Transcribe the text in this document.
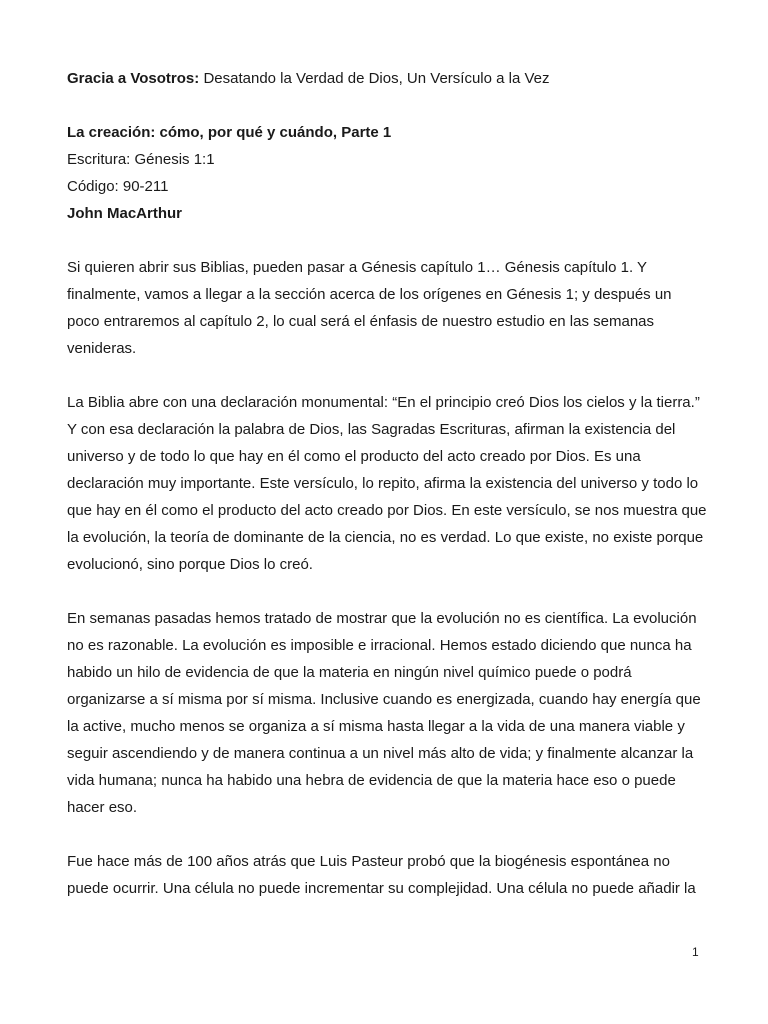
Gracia a Vosotros: Desatando la Verdad de Dios, Un Versículo a la Vez

La creación: cómo, por qué y cuándo, Parte 1

Escritura: Génesis 1:1

Código: 90-211

John MacArthur

Si quieren abrir sus Biblias, pueden pasar a Génesis capítulo 1… Génesis capítulo 1. Y finalmente, vamos a llegar a la sección acerca de los orígenes en Génesis 1; y después un poco entraremos al capítulo 2, lo cual será el énfasis de nuestro estudio en las semanas venideras.

La Biblia abre con una declaración monumental: “En el principio creó Dios los cielos y la tierra.” Y con esa declaración la palabra de Dios, las Sagradas Escrituras, afirman la existencia del universo y de todo lo que hay en él como el producto del acto creado por Dios. Es una declaración muy importante. Este versículo, lo repito, afirma la existencia del universo y todo lo que hay en él como el producto del acto creado por Dios. En este versículo, se nos muestra que la evolución, la teoría de dominante de la ciencia, no es verdad. Lo que existe, no existe porque evolucionó, sino porque Dios lo creó.

En semanas pasadas hemos tratado de mostrar que la evolución no es científica. La evolución no es razonable. La evolución es imposible e irracional. Hemos estado diciendo que nunca ha habido un hilo de evidencia de que la materia en ningún nivel químico puede o podrá organizarse a sí misma por sí misma. Inclusive cuando es energizada, cuando hay energía que la active, mucho menos se organiza a sí misma hasta llegar a la vida de una manera viable y seguir ascendiendo y de manera continua a un nivel más alto de vida; y finalmente alcanzar la vida humana; nunca ha habido una hebra de evidencia de que la materia hace eso o puede hacer eso.

Fue hace más de 100 años atrás que Luis Pasteur probó que la biogénesis espontánea no puede ocurrir. Una célula no puede incrementar su complejidad. Una célula no puede añadir la

1
